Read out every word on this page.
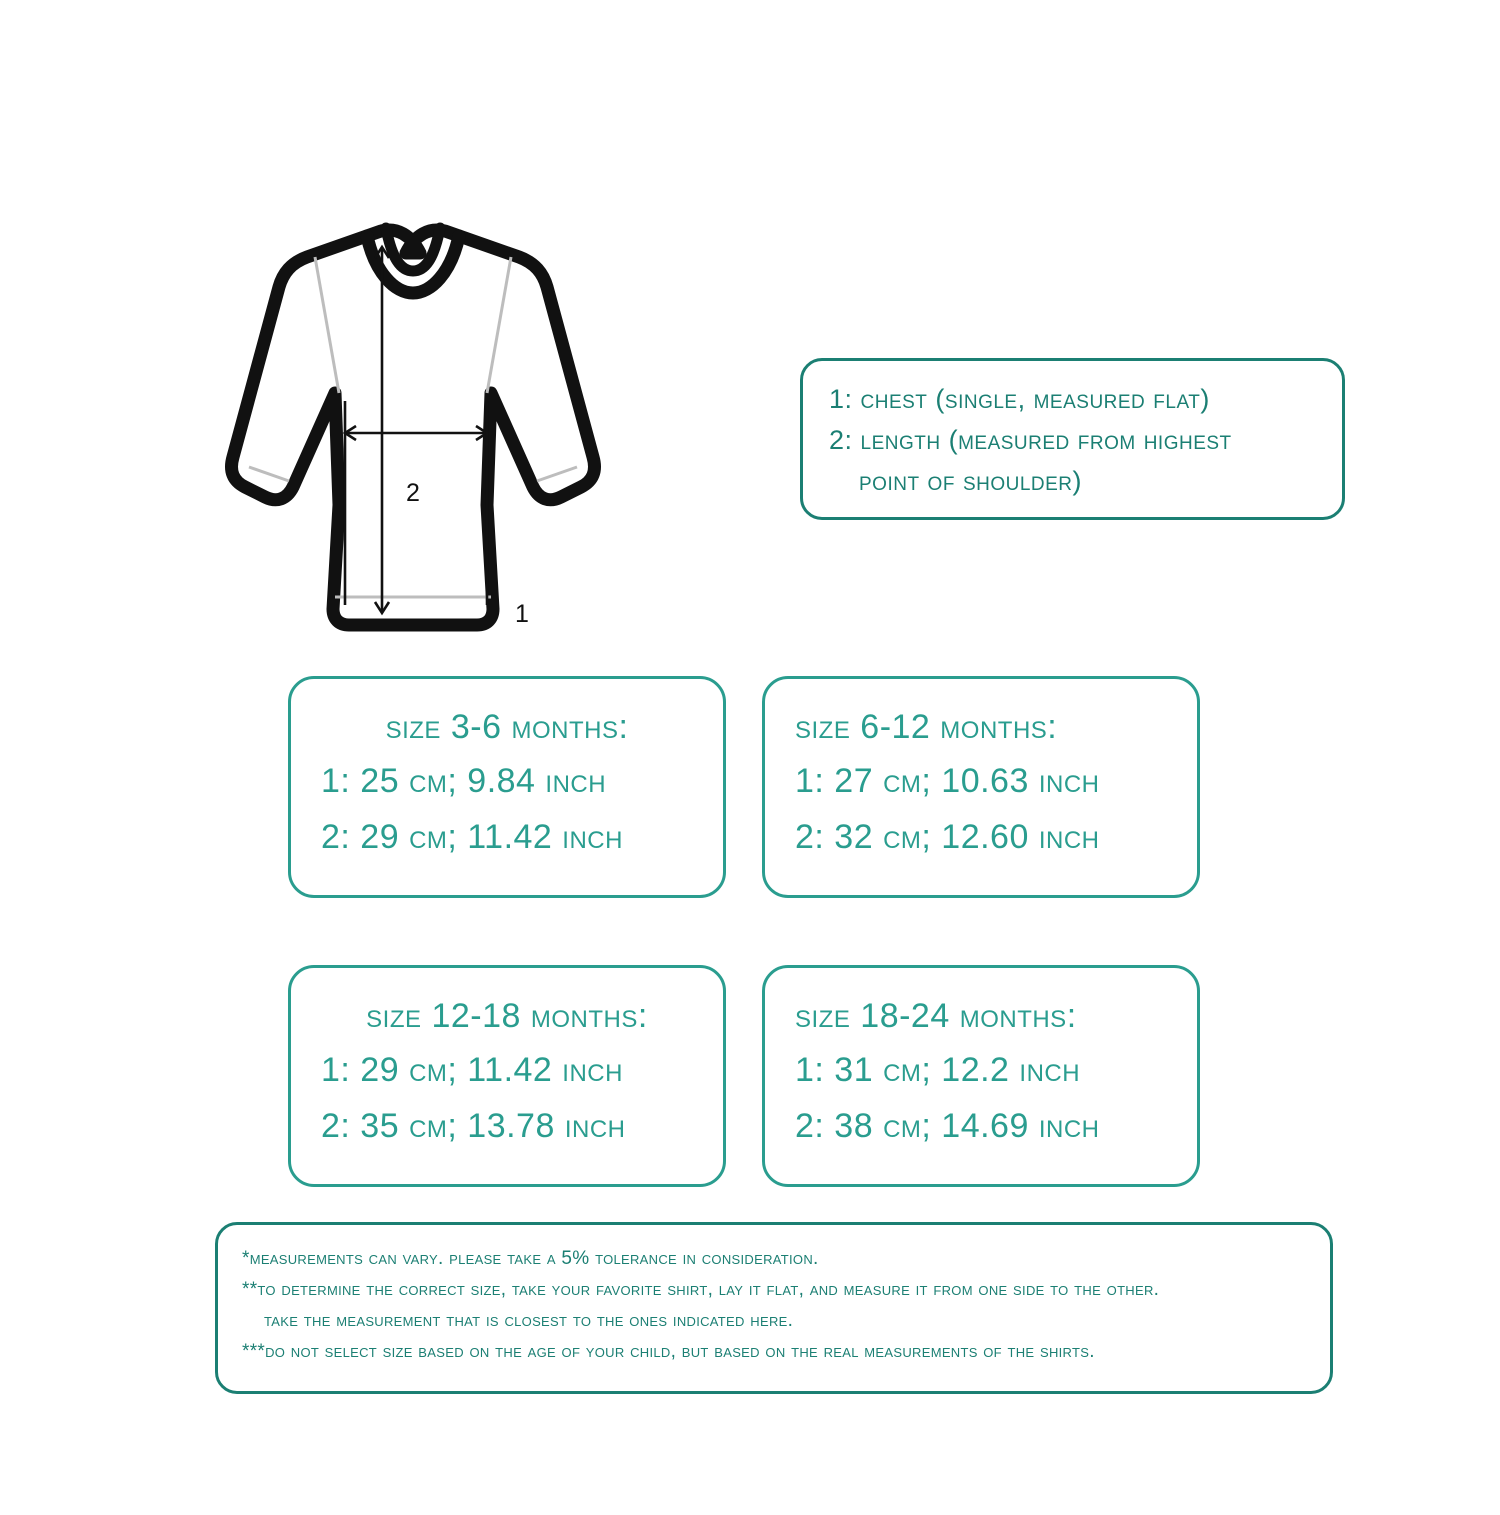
1
2
1: chest (single, measured flat)
2: length (measured from highest
point of shoulder)
size 3-6 months:
1: 25 cm; 9.84 inch
2: 29 cm; 11.42 inch
size 6-12 months:
1: 27 cm; 10.63 inch
2: 32 cm; 12.60 inch
size 12-18 months:
1: 29 cm; 11.42 inch
2: 35 cm; 13.78 inch
size 18-24 months:
1: 31 cm; 12.2 inch
2: 38 cm; 14.69 inch
*measurements can vary. please take a 5% tolerance in consideration.
**to determine the correct size, take your favorite shirt, lay it flat, and measure it from one side to the other.
take the measurement that is closest to the ones indicated here.
***do not select size based on the age of your child, but based on the real measurements of the shirts.
